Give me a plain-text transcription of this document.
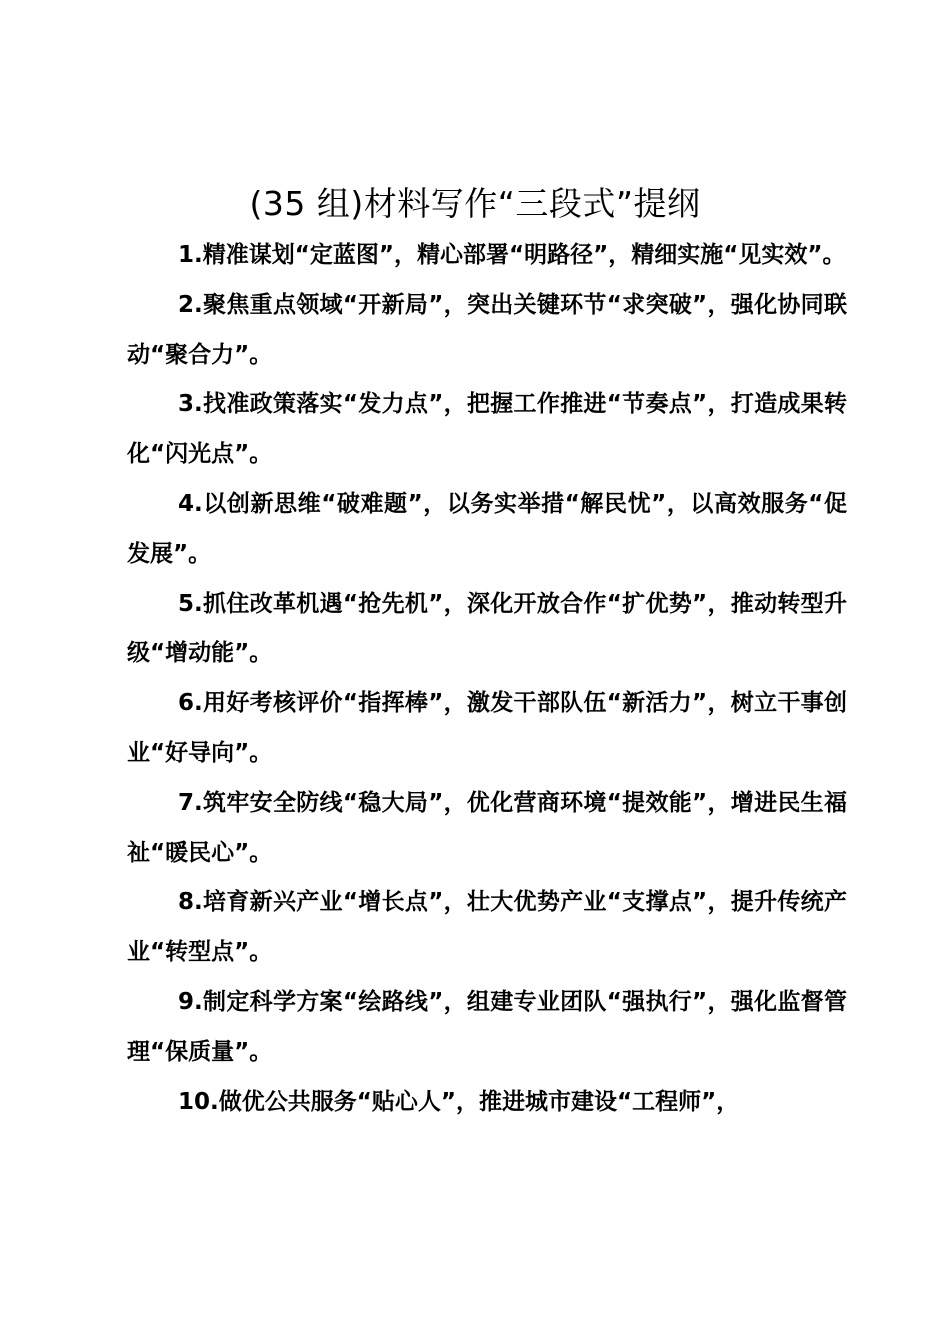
(35 组)材料写作“三段式”提纲

1.精准谋划“定蓝图”，精心部署“明路径”，精细实施“见实效”。

2.聚焦重点领域“开新局”，突出关键环节“求突破”，强化协同联动“聚合力”。

3.找准政策落实“发力点”，把握工作推进“节奏点”，打造成果转化“闪光点”。

4.以创新思维“破难题”，以务实举措“解民忧”，以高效服务“促发展”。

5.抓住改革机遇“抢先机”，深化开放合作“扩优势”，推动转型升级“增动能”。

6.用好考核评价“指挥棒”，激发干部队伍“新活力”，树立干事创业“好导向”。

7.筑牢安全防线“稳大局”，优化营商环境“提效能”，增进民生福祉“暖民心”。

8.培育新兴产业“增长点”，壮大优势产业“支撑点”，提升传统产业“转型点”。

9.制定科学方案“绘路线”，组建专业团队“强执行”，强化监督管理“保质量”。

10.做优公共服务“贴心人”，推进城市建设“工程师”，
